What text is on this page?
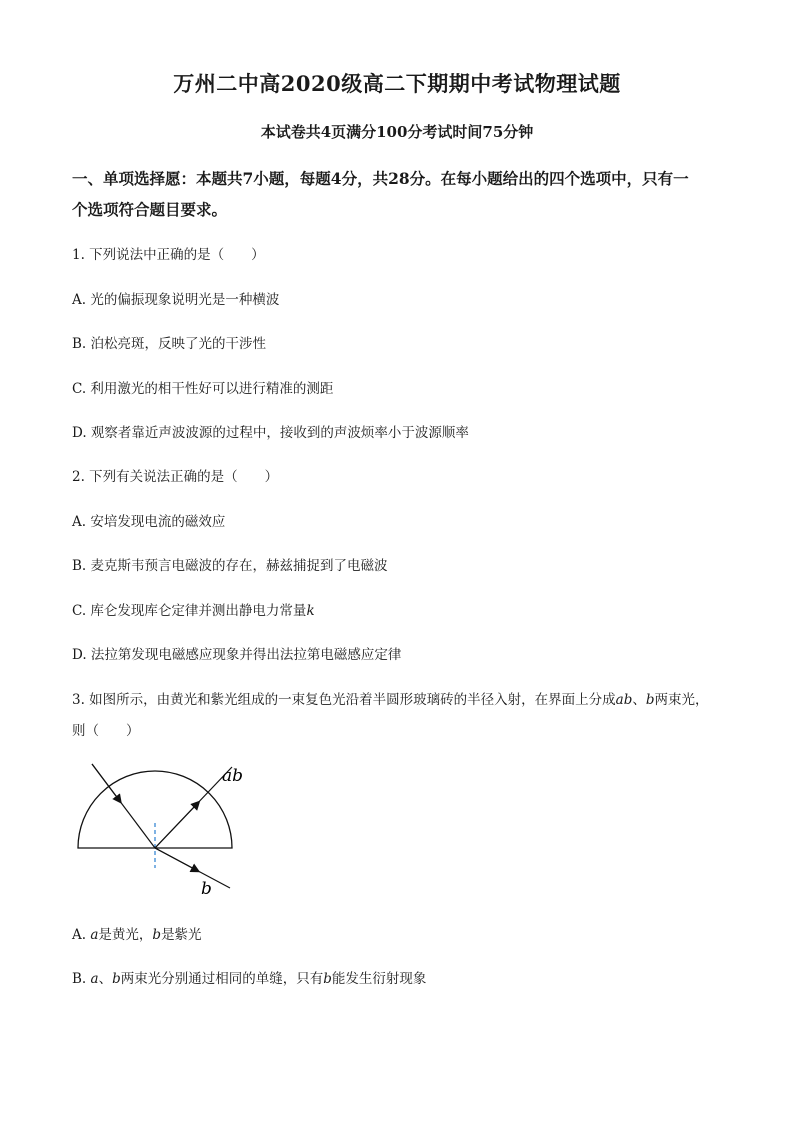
万州二中高2020级高二下期期中考试物理试题
本试卷共4页满分100分考试时间75分钟
一、单项选择愿：本题共7小题，每题4分，共28分。在每小题给出的四个选项中，只有一
个选项符合题目要求。
1. 下列说法中正确的是（　　）
A. 光的偏振现象说明光是一种横波
B. 泊松亮斑，反映了光的干涉性
C. 利用激光的相干性好可以进行精准的测距
D. 观察者靠近声波波源的过程中，接收到的声波烦率小于波源顺率
2. 下列有关说法正确的是（　　）
A. 安培发现电流的磁效应
B. 麦克斯韦预言电磁波的存在，赫兹捕捉到了电磁波
C. 库仑发现库仑定律并测出静电力常量k
D. 法拉第发现电磁感应现象并得出法拉第电磁感应定律
3. 如图所示，由黄光和紫光组成的一束复色光沿着半圆形玻璃砖的半径入射，在界面上分成ab、b两束光，
则（　　）
ab
b
A. a是黄光，b是紫光
B. a、b两束光分别通过相同的单缝，只有b能发生衍射现象
